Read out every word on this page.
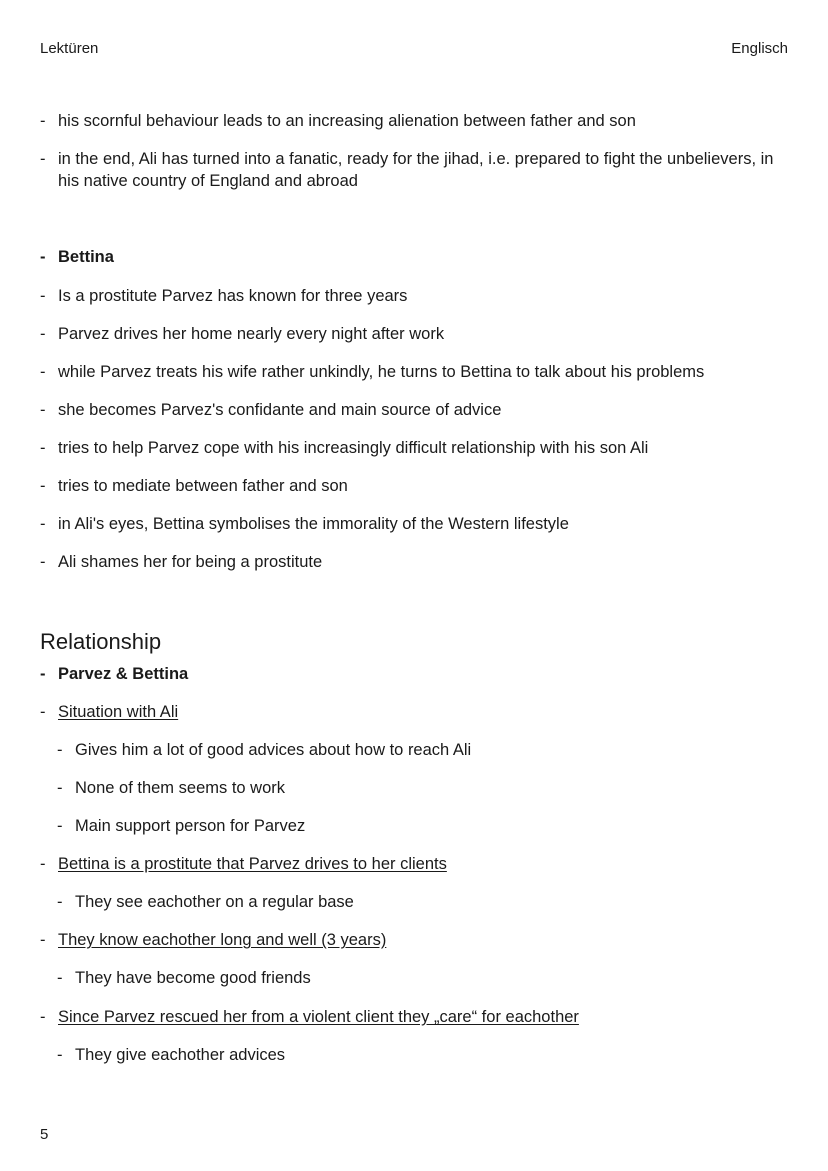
Lektüren	Englisch
- his scornful behaviour leads to an increasing alienation between father and son
- in the end, Ali has turned into a fanatic, ready for the jihad, i.e. prepared to fight the unbelievers, in his native country of England and abroad
- Bettina
- Is a prostitute Parvez has known for three years
- Parvez drives her home nearly every night after work
- while Parvez treats his wife rather unkindly, he turns to Bettina to talk about his problems
- she becomes Parvez's confidante and main source of advice
- tries to help Parvez cope with his increasingly difficult relationship with his son Ali
- tries to mediate between father and son
- in Ali's eyes, Bettina symbolises the immorality of the Western lifestyle
- Ali shames her for being a prostitute
Relationship
- Parvez & Bettina
- Situation with Ali
- Gives him a lot of good advices about how to reach Ali
- None of them seems to work
- Main support person for Parvez
- Bettina is a prostitute that Parvez drives to her clients
- They see eachother on a regular base
- They know eachother long and well (3 years)
- They have become good friends
- Since Parvez rescued her from a violent client they „care“ for eachother
- They give eachother advices
5
